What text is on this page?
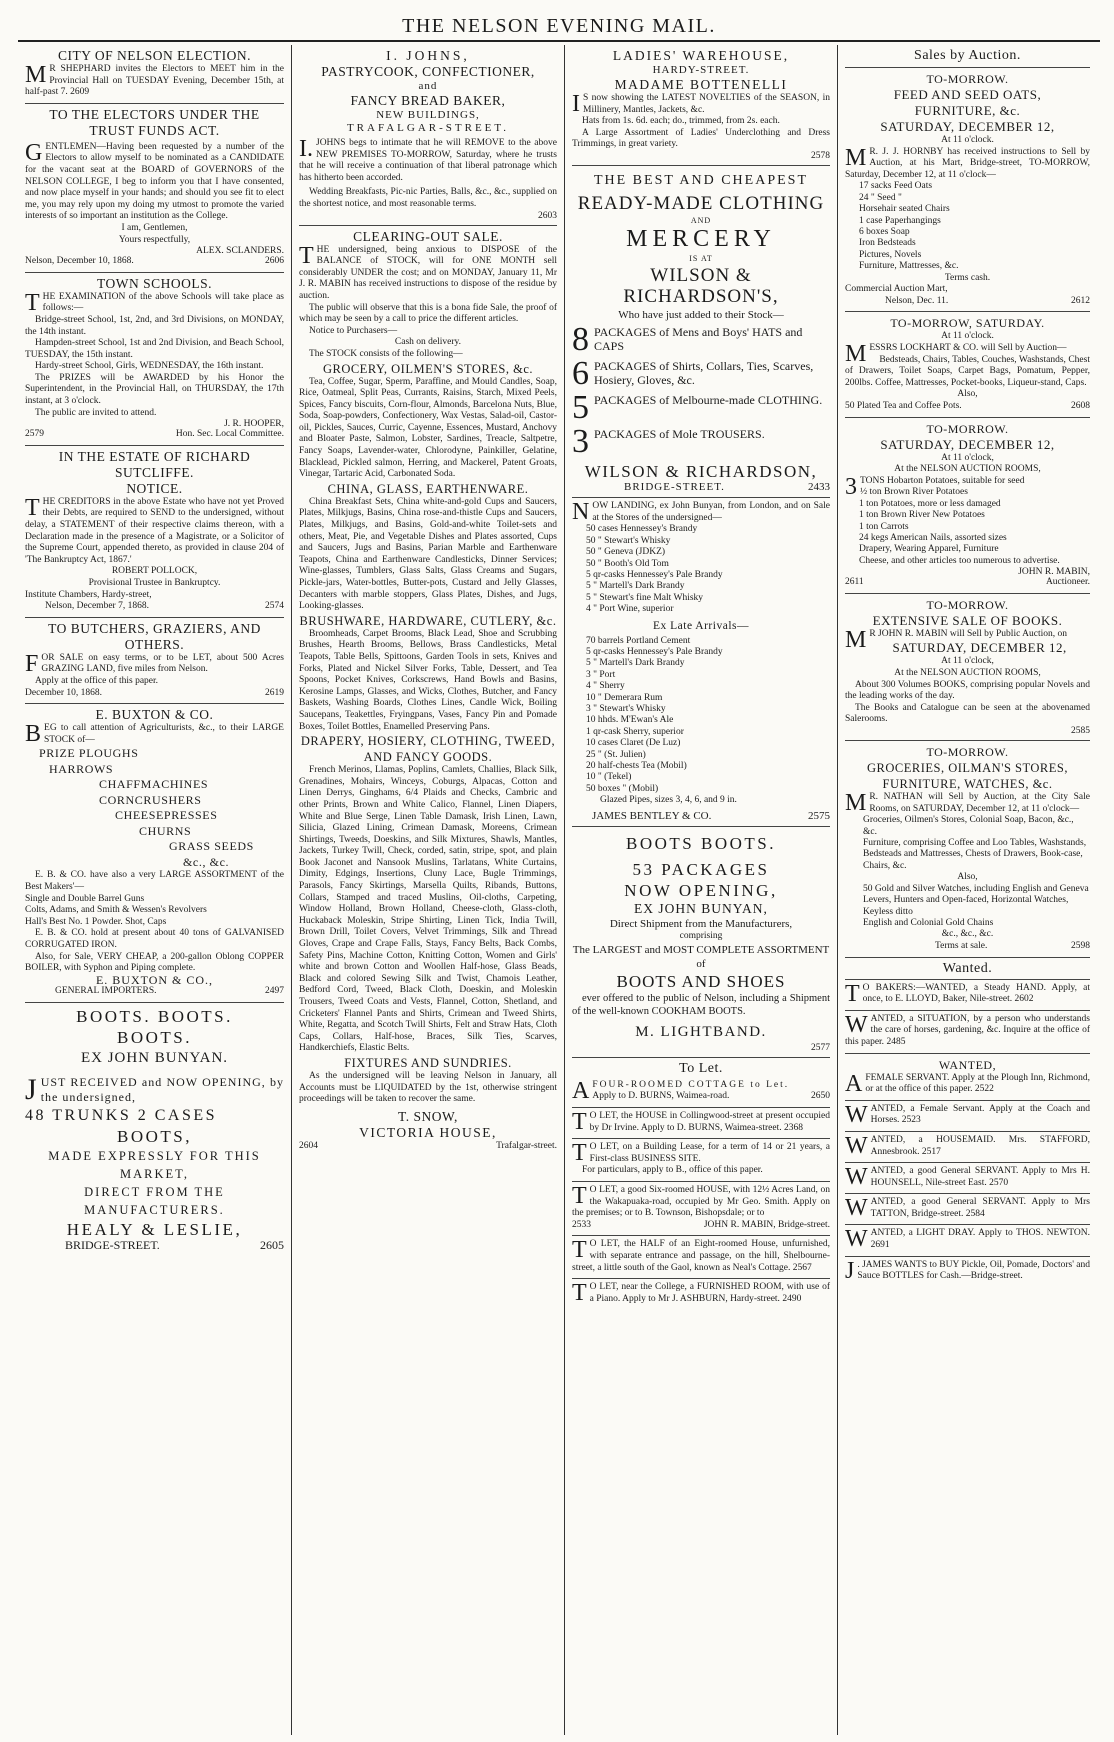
THE NELSON EVENING MAIL.
CITY OF NELSON ELECTION.
M R SHEPHARD invites the Electors to MEET him in the Provincial Hall on TUESDAY Evening, December 15th, at half-past 7. 2609
TO THE ELECTORS UNDER THE TRUST FUNDS ACT.
GENTLEMEN—Having been requested by a number of the Electors to allow myself to be nominated as a CANDIDATE for the vacant seat at the BOARD of GOVERNORS of the NELSON COLLEGE, I beg to inform you that I have consented, and now place myself in your hands; and should you see fit to elect me, you may rely upon my doing my utmost to promote the varied interests of so important an institution as the College.
I am, Gentlemen,
Yours respectfully,
ALEX. SCLANDERS.
Nelson, December 10, 1868.	2606
TOWN SCHOOLS.
THE EXAMINATION of the above Schools will take place as follows:—
Bridge-street School, 1st, 2nd, and 3rd Divisions, on MONDAY, the 14th instant.
Hampden-street School, 1st and 2nd Division, and Beach School, TUESDAY, the 15th instant.
Hardy-street School, Girls, WEDNESDAY, the 16th instant.
The PRIZES will be AWARDED by his Honor the Superintendent, in the Provincial Hall, on THURSDAY, the 17th instant, at 3 o'clock.
The public are invited to attend.
J. R. HOOPER,
2579	Hon. Sec. Local Committee.
IN THE ESTATE OF RICHARD SUTCLIFFE.
NOTICE.
THE CREDITORS in the above Estate who have not yet Proved their Debts, are required to SEND to the undersigned, without delay, a STATEMENT of their respective claims thereon, with a Declaration made in the presence of a Magistrate, or a Solicitor of the Supreme Court, appended thereto, as provided in clause 204 of 'The Bankruptcy Act, 1867.'
ROBERT POLLOCK,
Provisional Trustee in Bankruptcy.
Institute Chambers, Hardy-street,
Nelson, December 7, 1868.	2574
TO BUTCHERS, GRAZIERS, AND OTHERS.
FOR SALE on easy terms, or to be LET, about 500 Acres GRAZING LAND, five miles from Nelson.
Apply at the office of this paper.
December 10, 1868.	2619
E. BUXTON & CO.
BEG to call attention of Agriculturists, &c., to their LARGE STOCK of—
PRIZE PLOUGHS
HARROWS
CHAFFMACHINES
CORNCRUSHERS
CHEESEPRESSES
CHURNS
GRASS SEEDS
&c., &c.
E. B. & CO. have also a very LARGE ASSORTMENT of the Best Makers'—
Single and Double Barrel Guns
Colts, Adams, and Smith & Wessen's Revolvers
Hall's Best No. 1 Powder. Shot, Caps
E. B. & CO. hold at present about 40 tons of GALVANISED CORRUGATED IRON.
Also, for Sale, VERY CHEAP, a 200-gallon Oblong COPPER BOILER, with Syphon and Piping complete.
E. BUXTON & CO.,
GENERAL IMPORTERS.	2497
BOOTS. BOOTS.
BOOTS.
EX JOHN BUNYAN.
JUST RECEIVED and NOW OPENING, by the undersigned,
48 TRUNKS 2 CASES
BOOTS,
MADE EXPRESSLY FOR THIS MARKET,
DIRECT FROM THE MANUFACTURERS.
HEALY & LESLIE,
BRIDGE-STREET.	2605
I. JOHNS,
PASTRYCOOK, CONFECTIONER,
and
FANCY BREAD BAKER,
NEW BUILDINGS,
TRAFALGAR-STREET.
I. JOHNS begs to intimate that he will REMOVE to the above NEW PREMISES TO-MORROW, Saturday, where he trusts that he will receive a continuation of that liberal patronage which has hitherto been accorded.
Wedding Breakfasts, Pic-nic Parties, Balls, &c., &c., supplied on the shortest notice, and most reasonable terms.
2603
CLEARING-OUT SALE.
THE undersigned, being anxious to DISPOSE of the BALANCE of STOCK, will for ONE MONTH sell considerably UNDER the cost; and on MONDAY, January 11, Mr J. R. MABIN has received instructions to dispose of the residue by auction.
The public will observe that this is a bona fide Sale, the proof of which may be seen by a call to price the different articles.
Notice to Purchasers—
Cash on delivery.
The STOCK consists of the following—
GROCERY, OILMEN'S STORES, &c.
Tea, Coffee, Sugar, Sperm, Paraffine, and Mould Candles, Soap, Rice, Oatmeal, Split Peas, Currants, Raisins, Starch, Mixed Peels, Spices, Fancy biscuits, Corn-flour, Almonds, Barcelona Nuts, Blue, Soda, Soap-powders, Confectionery, Wax Vestas, Salad-oil, Castor-oil, Pickles, Sauces, Curric, Cayenne, Essences, Mustard, Anchovy and Bloater Paste, Salmon, Lobster, Sardines, Treacle, Saltpetre, Fancy Soaps, Lavender-water, Chlorodyne, Painkiller, Gelatine, Blacklead, Pickled salmon, Herring, and Mackerel, Patent Groats, Vinegar, Tartaric Acid, Carbonated Soda.
CHINA, GLASS, EARTHENWARE.
China Breakfast Sets, China white-and-gold Cups and Saucers, Plates, Milkjugs, Basins, China rose-and-thistle Cups and Saucers, Plates, Milkjugs, and Basins, Gold-and-white Toilet-sets and others, Meat, Pie, and Vegetable Dishes and Plates assorted, Cups and Saucers, Jugs and Basins, Parian Marble and Earthenware Teapots, China and Earthenware Candlesticks, Dinner Services; Wine-glasses, Tumblers, Glass Salts, Glass Creams and Sugars, Pickle-jars, Water-bottles, Butter-pots, Custard and Jelly Glasses, Decanters with marble stoppers, Glass Plates, Dishes, and Jugs, Looking-glasses.
BRUSHWARE, HARDWARE, CUTLERY, &c.
Broomheads, Carpet Brooms, Black Lead, Shoe and Scrubbing Brushes, Hearth Brooms, Bellows, Brass Candlesticks, Metal Teapots, Table Bells, Spittoons, Garden Tools in sets, Knives and Forks, Plated and Nickel Silver Forks, Table, Dessert, and Tea Spoons, Pocket Knives, Corkscrews, Hand Bowls and Basins, Kerosine Lamps, Glasses, and Wicks, Clothes, Butcher, and Fancy Baskets, Washing Boards, Clothes Lines, Candle Wick, Boiling Saucepans, Teakettles, Fryingpans, Vases, Fancy Pin and Pomade Boxes, Toilet Bottles, Enamelled Preserving Pans.
DRAPERY, HOSIERY, CLOTHING, TWEED, AND FANCY GOODS.
French Merinos, Llamas, Poplins, Camlets, Challies, Black Silk, Grenadines, Mohairs, Winceys, Coburgs, Alpacas, Cotton and Linen Derrys, Ginghams, 6/4 Plaids and Checks, Cambric and other Prints, Brown and White Calico, Flannel, Linen Diapers, White and Blue Serge, Linen Table Damask, Irish Linen, Lawn, Silicia, Glazed Lining, Crimean Damask, Moreens, Crimean Shirtings, Tweeds, Doeskins, and Silk Mixtures, Shawls, Mantles, Jackets, Turkey Twill, Check, corded, satin, stripe, spot, and plain Book Jaconet and Nansook Muslins, Tarlatans, White Curtains, Dimity, Edgings, Insertions, Cluny Lace, Bugle Trimmings, Parasols, Fancy Skirtings, Marsella Quilts, Ribands, Buttons, Collars, Stamped and traced Muslins, Oil-cloths, Carpeting, Window Holland, Brown Holland, Cheese-cloth, Glass-cloth, Huckaback Moleskin, Stripe Shirting, Linen Tick, India Twill, Brown Drill, Toilet Covers, Velvet Trimmings, Silk and Thread Gloves, Crape and Crape Falls, Stays, Fancy Belts, Back Combs, Safety Pins, Machine Cotton, Knitting Cotton, Women and Girls' white and brown Cotton and Woollen Half-hose, Glass Beads, Black and colored Sewing Silk and Twist, Chamois Leather, Bedford Cord, Tweed, Black Cloth, Doeskin, and Moleskin Trousers, Tweed Coats and Vests, Flannel, Cotton, Shetland, and Cricketers' Flannel Pants and Shirts, Crimean and Tweed Shirts, White, Regatta, and Scotch Twill Shirts, Felt and Straw Hats, Cloth Caps, Collars, Half-hose, Braces, Silk Ties, Scarves, Handkerchiefs, Elastic Belts.
FIXTURES AND SUNDRIES.
As the undersigned will be leaving Nelson in January, all Accounts must be LIQUIDATED by the 1st, otherwise stringent proceedings will be taken to recover the same.
T. SNOW,
VICTORIA HOUSE,
2604	Trafalgar-street.
LADIES' WAREHOUSE,
HARDY-STREET.
MADAME BOTTENELLI
I S now showing the LATEST NOVELTIES of the SEASON, in Millinery, Mantles, Jackets, &c.
Hats from 1s. 6d. each; do., trimmed, from 2s. each.
A Large Assortment of Ladies' Underclothing and Dress Trimmings, in great variety.
2578
THE BEST AND CHEAPEST
READY-MADE CLOTHING
AND
MERCERY
IS AT
WILSON & RICHARDSON'S,
Who have just added to their Stock—
8 PACKAGES of Mens and Boys' HATS and CAPS
6 PACKAGES of Shirts, Collars, Ties, Scarves, Hosiery, Gloves, &c.
5 PACKAGES of Melbourne-made CLOTHING.
3 PACKAGES of Mole TROUSERS.
WILSON & RICHARDSON,
BRIDGE-STREET.	2433
NOW LANDING, ex John Bunyan, from London, and on Sale at the Stores of the undersigned—
50 cases Hennessey's Brandy
50 " Stewart's Whisky
50 " Geneva (JDKZ)
50 " Booth's Old Tom
5 qr-casks Hennessey's Pale Brandy
5 " Martell's Dark Brandy
5 " Stewart's fine Malt Whisky
4 " Port Wine, superior
Ex Late Arrivals—
70 barrels Portland Cement
5 qr-casks Hennessey's Pale Brandy
5 " Martell's Dark Brandy
3 " Port
4 " Sherry
10 " Demerara Rum
3 " Stewart's Whisky
10 hhds. M'Ewan's Ale
1 qr-cask Sherry, superior
10 cases Claret (De Luz)
25 " (St. Julien)
20 half-chests Tea (Mobil)
10 " (Tekel)
50 boxes " (Mobil)
Glazed Pipes, sizes 3, 4, 6, and 9 in.
JAMES BENTLEY & CO.	2575
BOOTS BOOTS.
53 PACKAGES
NOW OPENING,
EX JOHN BUNYAN,
Direct Shipment from the Manufacturers,
comprising
The LARGEST and MOST COMPLETE ASSORTMENT of
BOOTS AND SHOES
ever offered to the public of Nelson, including a Shipment of the well-known COOKHAM BOOTS.
M. LIGHTBAND.
2577
To Let.
AFOUR-ROOMED COTTAGE to Let.
Apply to D. BURNS, Waimea-road.	2650
T O LET, the HOUSE in Collingwood-street at present occupied by Dr Irvine. Apply to D. BURNS, Waimea-street. 2368
T O LET, on a Building Lease, for a term of 14 or 21 years, a First-class BUSINESS SITE.
For particulars, apply to B., office of this paper.
T O LET, a good Six-roomed HOUSE, with 12½ Acres Land, on the Wakapuaka-road, occupied by Mr Geo. Smith. Apply on the premises; or to B. Townson, Bishopsdale; or to
2533	JOHN R. MABIN, Bridge-street.
T O LET, the HALF of an Eight-roomed House, unfurnished, with separate entrance and passage, on the hill, Shelbourne-street, a little south of the Gaol, known as Neal's Cottage. 2567
T O LET, near the College, a FURNISHED ROOM, with use of a Piano. Apply to Mr J. ASHBURN, Hardy-street. 2490
Sales by Auction.
TO-MORROW.
FEED AND SEED OATS,
FURNITURE, &c.
SATURDAY, DECEMBER 12,
At 11 o'clock.
M R. J. J. HORNBY has received instructions to Sell by Auction, at his Mart, Bridge-street, TO-MORROW, Saturday, December 12, at 11 o'clock—
17 sacks Feed Oats
24 " Seed "
Horsehair seated Chairs
1 case Paperhangings
6 boxes Soap
Iron Bedsteads
Pictures, Novels
Furniture, Mattresses, &c.
Terms cash.
Commercial Auction Mart,
Nelson, Dec. 11.	2612
TO-MORROW, SATURDAY.
At 11 o'clock.
MESSRS LOCKHART & CO. will Sell by Auction—
Bedsteads, Chairs, Tables, Couches, Washstands, Chest of Drawers, Toilet Soaps, Carpet Bags, Pomatum, Pepper, 200lbs. Coffee, Mattresses, Pocket-books, Liqueur-stand, Caps.
Also,
50 Plated Tea and Coffee Pots.	2608
TO-MORROW.
SATURDAY, DECEMBER 12,
At 11 o'clock,
At the NELSON AUCTION ROOMS,
3 TONS Hobarton Potatoes, suitable for seed
½ ton Brown River Potatoes
1 ton Potatoes, more or less damaged
1 ton Brown River New Potatoes
1 ton Carrots
24 kegs American Nails, assorted sizes
Drapery, Wearing Apparel, Furniture
Cheese, and other articles too numerous to advertise.
JOHN R. MABIN,
2611	Auctioneer.
TO-MORROW.
EXTENSIVE SALE OF BOOKS.
M R JOHN R. MABIN will Sell by Public Auction, on
SATURDAY, DECEMBER 12,
At 11 o'clock,
At the NELSON AUCTION ROOMS,
About 300 Volumes BOOKS, comprising popular Novels and the leading works of the day.
The Books and Catalogue can be seen at the abovenamed Salerooms.
2585
TO-MORROW.
GROCERIES, OILMAN'S STORES, FURNITURE, WATCHES, &c.
M R. NATHAN will Sell by Auction, at the City Sale Rooms, on SATURDAY, December 12, at 11 o'clock—
Groceries, Oilmen's Stores, Colonial Soap, Bacon, &c., &c.
Furniture, comprising Coffee and Loo Tables, Washstands, Bedsteads and Mattresses, Chests of Drawers, Book-case, Chairs, &c.
Also,
50 Gold and Silver Watches, including English and Geneva Levers, Hunters and Open-faced, Horizontal Watches, Keyless ditto
English and Colonial Gold Chains
&c., &c., &c.
Terms at sale.	2598
Wanted.
T O BAKERS:—WANTED, a Steady HAND. Apply, at once, to E. LLOYD, Baker, Nile-street. 2602
WANTED, a SITUATION, by a person who understands the care of horses, gardening, &c. Inquire at the office of this paper. 2485
WANTED,
AFEMALE SERVANT. Apply at the Plough Inn, Richmond, or at the office of this paper. 2522
WANTED, a Female Servant. Apply at the Coach and Horses. 2523
WANTED, a HOUSEMAID. Mrs. STAFFORD, Annesbrook. 2517
WANTED, a good General SERVANT. Apply to Mrs H. HOUNSELL, Nile-street East. 2570
WANTED, a good General SERVANT. Apply to Mrs TATTON, Bridge-street. 2584
WANTED, a LIGHT DRAY. Apply to THOS. NEWTON. 2691
J . JAMES WANTS to BUY Pickle, Oil, Pomade, Doctors' and Sauce BOTTLES for Cash.—Bridge-street.
